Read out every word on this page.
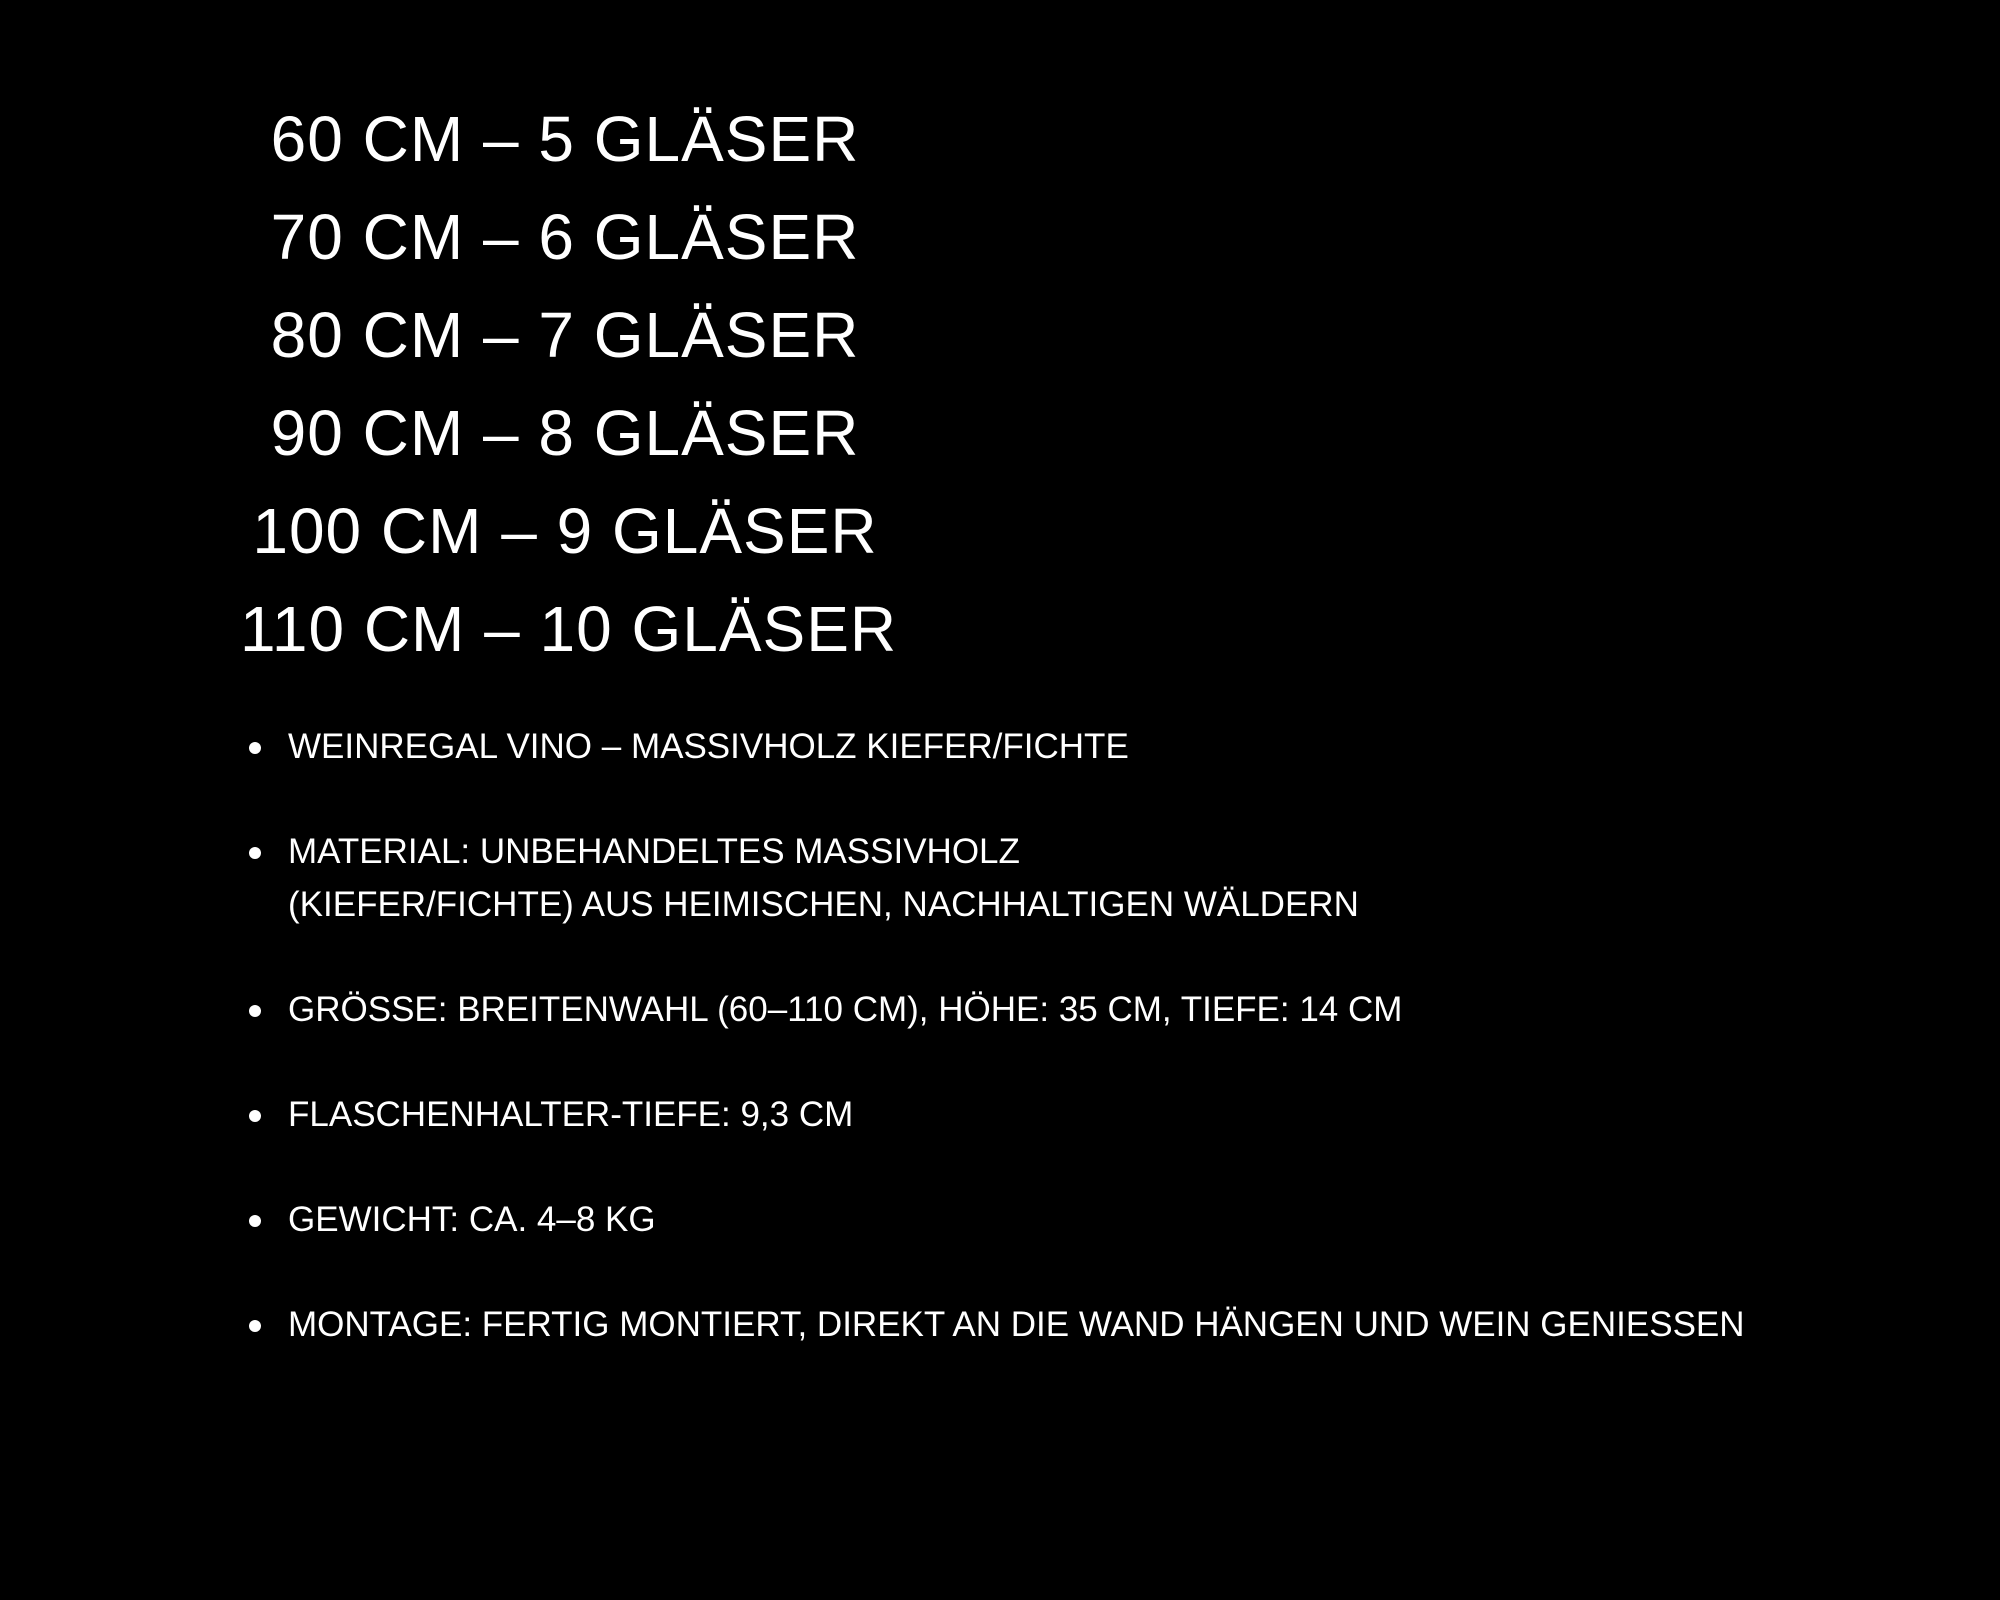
60 CM – 5 GLÄSER
70 CM – 6 GLÄSER
80 CM – 7 GLÄSER
90 CM – 8 GLÄSER
100 CM – 9 GLÄSER
110 CM – 10 GLÄSER
WEINREGAL VINO – MASSIVHOLZ KIEFER/FICHTE
MATERIAL: UNBEHANDELTES MASSIVHOLZ
(KIEFER/FICHTE) AUS HEIMISCHEN, NACHHALTIGEN WÄLDERN
GRÖSSE: BREITENWAHL (60–110 CM), HÖHE: 35 CM, TIEFE: 14 CM
FLASCHENHALTER-TIEFE: 9,3 CM
GEWICHT: CA. 4–8 KG
MONTAGE: FERTIG MONTIERT, DIREKT AN DIE WAND HÄNGEN UND WEIN GENIESSEN
